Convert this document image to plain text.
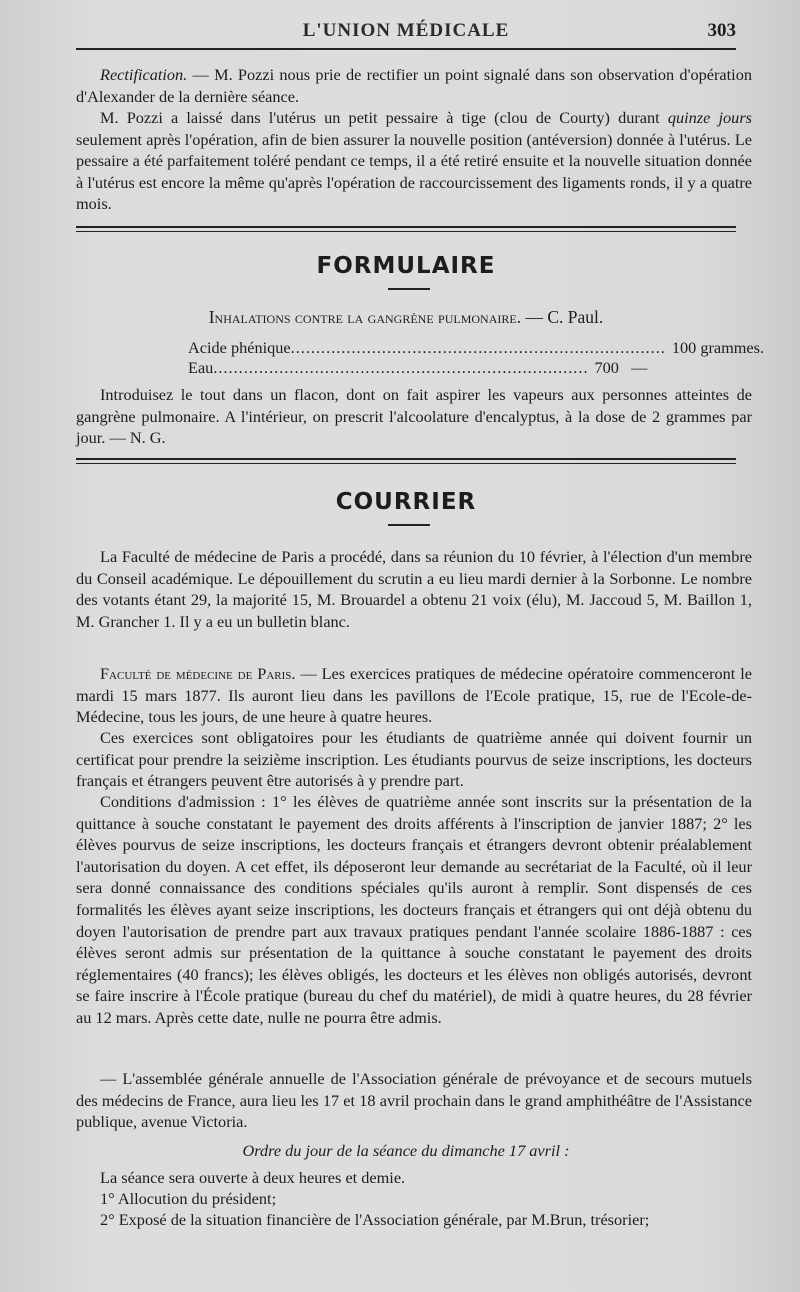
L'UNION MÉDICALE	303

Rectification. — M. Pozzi nous prie de rectifier un point signalé dans son observation d'opération d'Alexander de la dernière séance.

M. Pozzi a laissé dans l'utérus un petit pessaire à tige (clou de Courty) durant quinze jours seulement après l'opération, afin de bien assurer la nouvelle position (antéversion) donnée à l'utérus. Le pessaire a été parfaitement toléré pendant ce temps, il a été retiré ensuite et la nouvelle situation donnée à l'utérus est encore la même qu'après l'opération de raccourcissement des ligaments ronds, il y a quatre mois.

FORMULAIRE
Inhalations contre la gangrène pulmonaire. — C. Paul.
Acide phénique .......................................................................... 100 grammes.
Eau .......................................................................... 700   —

Introduisez le tout dans un flacon, dont on fait aspirer les vapeurs aux personnes atteintes de gangrène pulmonaire. A l'intérieur, on prescrit l'alcoolature d'encalyptus, à la dose de 2 grammes par jour. — N. G.

COURRIER

La Faculté de médecine de Paris a procédé, dans sa réunion du 10 février, à l'élection d'un membre du Conseil académique. Le dépouillement du scrutin a eu lieu mardi dernier à la Sorbonne. Le nombre des votants étant 29, la majorité 15, M. Brouardel a obtenu 21 voix (élu), M. Jaccoud 5, M. Baillon 1, M. Grancher 1. Il y a eu un bulletin blanc.

Faculté de médecine de Paris. — Les exercices pratiques de médecine opératoire commenceront le mardi 15 mars 1877. Ils auront lieu dans les pavillons de l'Ecole pratique, 15, rue de l'Ecole-de-Médecine, tous les jours, de une heure à quatre heures.

Ces exercices sont obligatoires pour les étudiants de quatrième année qui doivent fournir un certificat pour prendre la seizième inscription. Les étudiants pourvus de seize inscriptions, les docteurs français et étrangers peuvent être autorisés à y prendre part.

Conditions d'admission : 1° les élèves de quatrième année sont inscrits sur la présentation de la quittance à souche constatant le payement des droits afférents à l'inscription de janvier 1887; 2° les élèves pourvus de seize inscriptions, les docteurs français et étrangers devront obtenir préalablement l'autorisation du doyen. A cet effet, ils déposeront leur demande au secrétariat de la Faculté, où il leur sera donné connaissance des conditions spéciales qu'ils auront à remplir. Sont dispensés de ces formalités les élèves ayant seize inscriptions, les docteurs français et étrangers qui ont déjà obtenu du doyen l'autorisation de prendre part aux travaux pratiques pendant l'année scolaire 1886-1887 : ces élèves seront admis sur présentation de la quittance à souche constatant le payement des droits réglementaires (40 francs); les élèves obligés, les docteurs et les élèves non obligés autorisés, devront se faire inscrire à l'École pratique (bureau du chef du matériel), de midi à quatre heures, du 28 février au 12 mars. Après cette date, nulle ne pourra être admis.

— L'assemblée générale annuelle de l'Association générale de prévoyance et de secours mutuels des médecins de France, aura lieu les 17 et 18 avril prochain dans le grand amphithéâtre de l'Assistance publique, avenue Victoria.

Ordre du jour de la séance du dimanche 17 avril :

La séance sera ouverte à deux heures et demie.

1° Allocution du président;

2° Exposé de la situation financière de l'Association générale, par M.Brun, trésorier;
